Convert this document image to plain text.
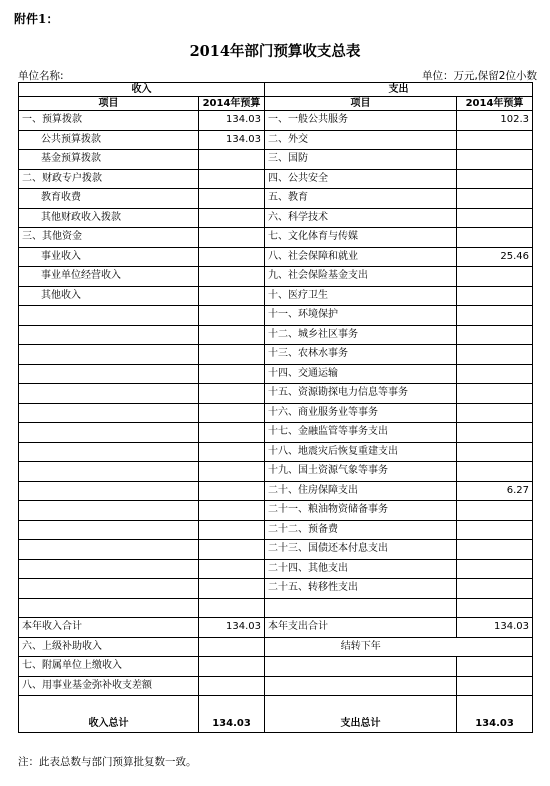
附件1：
2014年部门预算收支总表
单位名称:	单位：万元,保留2位小数
收入		支出	
项目	2014年预算	项目	2014年预算
一、预算拨款	134.03	一、一般公共服务	102.3
公共预算拨款	134.03	二、外交	
基金预算拨款		三、国防	
二、财政专户拨款		四、公共安全	
教育收费		五、教育	
其他财政收入拨款		六、科学技术	
三、其他资金		七、文化体育与传媒	
事业收入		八、社会保障和就业	25.46
事业单位经营收入		九、社会保险基金支出	
其他收入		十、医疗卫生	
		十一、环境保护	
		十二、城乡社区事务	
		十三、农林水事务	
		十四、交通运输	
		十五、资源勘探电力信息等事务	
		十六、商业服务业等事务	
		十七、金融监管等事务支出	
		十八、地震灾后恢复重建支出	
		十九、国土资源气象等事务	
		二十、住房保障支出	6.27
		二十一、粮油物资储备事务	
		二十二、预备费	
		二十三、国债还本付息支出	
		二十四、其他支出	
		二十五、转移性支出	

本年收入合计	134.03	本年支出合计	134.03
六、上级补助收入		结转下年	
七、附属单位上缴收入			
八、用事业基金弥补收支差额			
收入总计	134.03	支出总计	134.03
注：此表总数与部门预算批复数一致。
